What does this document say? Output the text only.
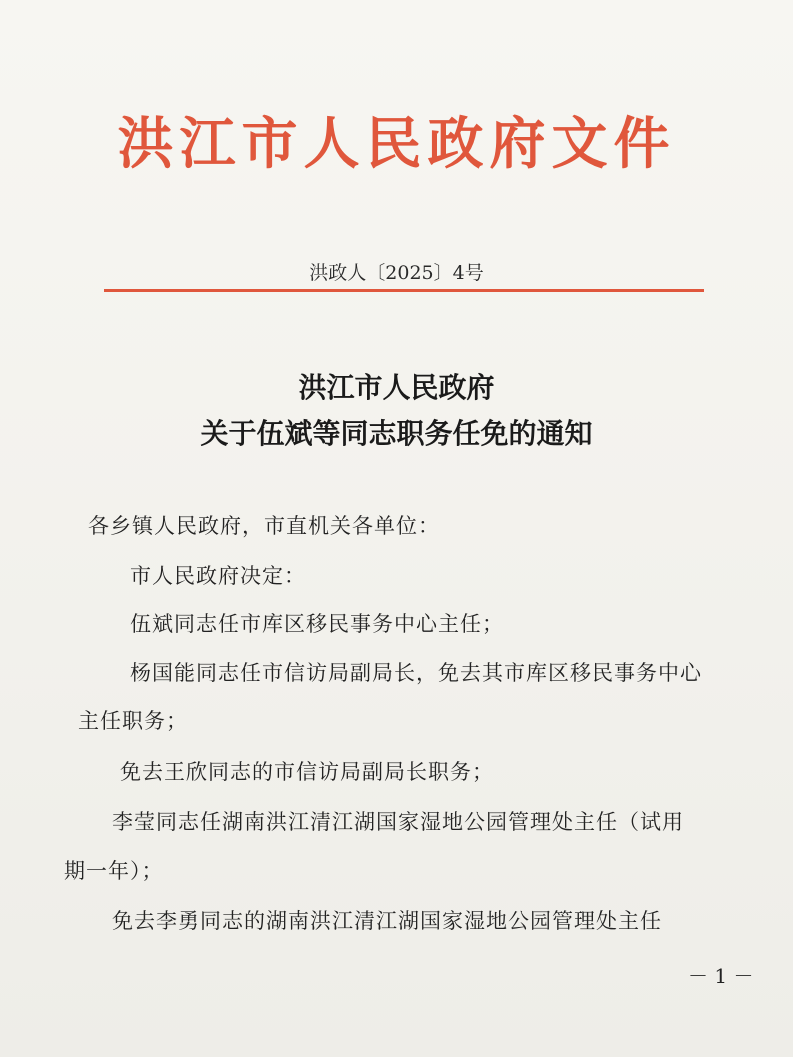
洪江市人民政府文件
洪政人〔2025〕4号
洪江市人民政府
关于伍斌等同志职务任免的通知
各乡镇人民政府，市直机关各单位：
市人民政府决定：
伍斌同志任市库区移民事务中心主任；
杨国能同志任市信访局副局长，免去其市库区移民事务中心
主任职务；
免去王欣同志的市信访局副局长职务；
李莹同志任湖南洪江清江湖国家湿地公园管理处主任（试用
期一年）；
免去李勇同志的湖南洪江清江湖国家湿地公园管理处主任
－ 1 －
